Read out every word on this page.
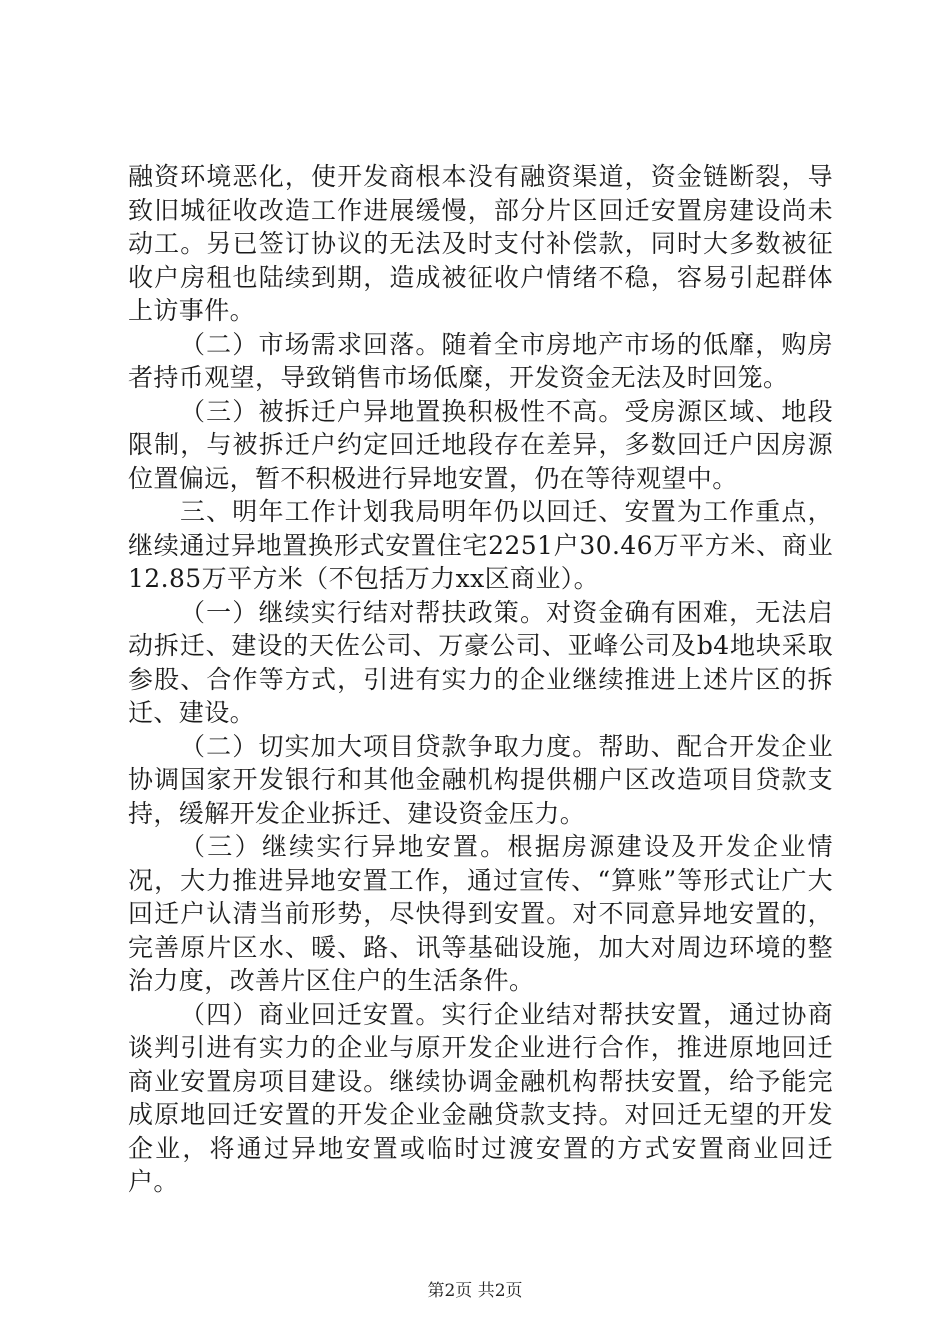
融资环境恶化，使开发商根本没有融资渠道，资金链断裂，导致旧城征收改造工作进展缓慢，部分片区回迁安置房建设尚未动工。另已签订协议的无法及时支付补偿款，同时大多数被征收户房租也陆续到期，造成被征收户情绪不稳，容易引起群体上访事件。

（二）市场需求回落。随着全市房地产市场的低靡，购房者持币观望，导致销售市场低糜，开发资金无法及时回笼。

（三）被拆迁户异地置换积极性不高。受房源区域、地段限制，与被拆迁户约定回迁地段存在差异，多数回迁户因房源位置偏远，暂不积极进行异地安置，仍在等待观望中。

三、明年工作计划我局明年仍以回迁、安置为工作重点，继续通过异地置换形式安置住宅2251户30.46万平方米、商业12.85万平方米（不包括万力xx区商业）。

（一）继续实行结对帮扶政策。对资金确有困难，无法启动拆迁、建设的天佐公司、万豪公司、亚峰公司及b4地块采取参股、合作等方式，引进有实力的企业继续推进上述片区的拆迁、建设。

（二）切实加大项目贷款争取力度。帮助、配合开发企业协调国家开发银行和其他金融机构提供棚户区改造项目贷款支持，缓解开发企业拆迁、建设资金压力。

（三）继续实行异地安置。根据房源建设及开发企业情况，大力推进异地安置工作，通过宣传、“算账”等形式让广大回迁户认清当前形势，尽快得到安置。对不同意异地安置的，完善原片区水、暖、路、讯等基础设施，加大对周边环境的整治力度，改善片区住户的生活条件。

（四）商业回迁安置。实行企业结对帮扶安置，通过协商谈判引进有实力的企业与原开发企业进行合作，推进原地回迁商业安置房项目建设。继续协调金融机构帮扶安置，给予能完成原地回迁安置的开发企业金融贷款支持。对回迁无望的开发企业，将通过异地安置或临时过渡安置的方式安置商业回迁户。

第2页 共2页
